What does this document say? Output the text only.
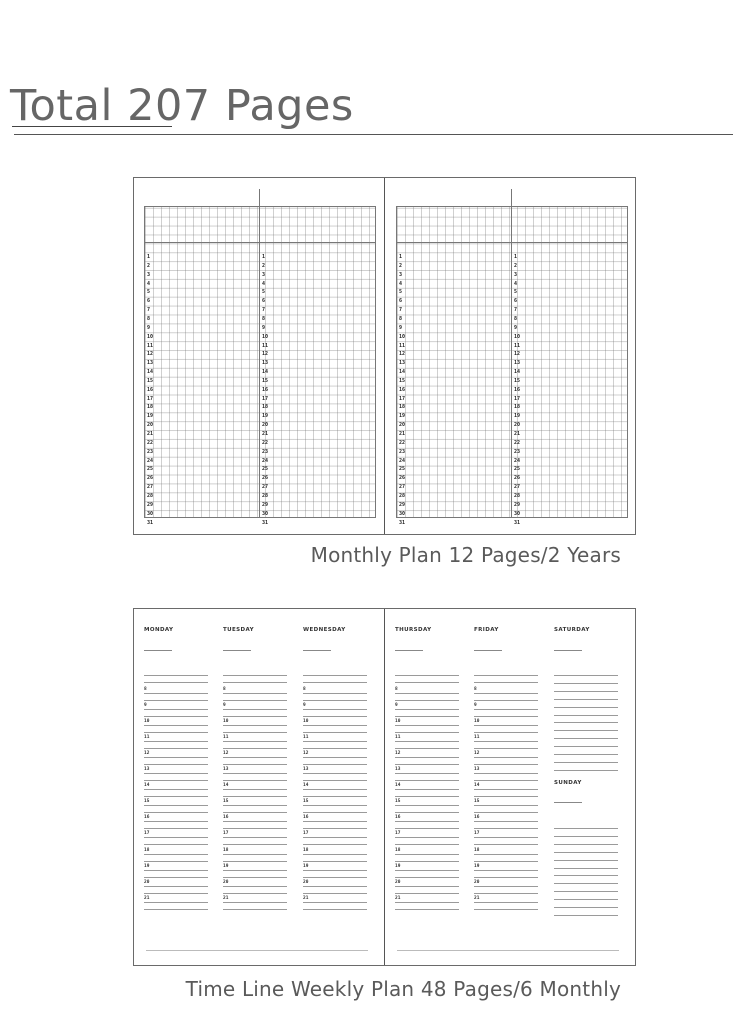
Total 207 Pages
1
2
3
4
5
6
7
8
9
10
11
12
13
14
15
16
17
18
19
20
21
22
23
24
25
26
27
28
29
30
31
1
2
3
4
5
6
7
8
9
10
11
12
13
14
15
16
17
18
19
20
21
22
23
24
25
26
27
28
29
30
31
1
2
3
4
5
6
7
8
9
10
11
12
13
14
15
16
17
18
19
20
21
22
23
24
25
26
27
28
29
30
31
1
2
3
4
5
6
7
8
9
10
11
12
13
14
15
16
17
18
19
20
21
22
23
24
25
26
27
28
29
30
31
Monthly Plan 12 Pages/2 Years
MONDAY
8
9
10
11
12
13
14
15
16
17
18
19
20
21
TUESDAY
8
9
10
11
12
13
14
15
16
17
18
19
20
21
WEDNESDAY
8
9
10
11
12
13
14
15
16
17
18
19
20
21
THURSDAY
8
9
10
11
12
13
14
15
16
17
18
19
20
21
FRIDAY
8
9
10
11
12
13
14
15
16
17
18
19
20
21
SATURDAY
SUNDAY
Time Line Weekly Plan 48 Pages/6 Monthly
